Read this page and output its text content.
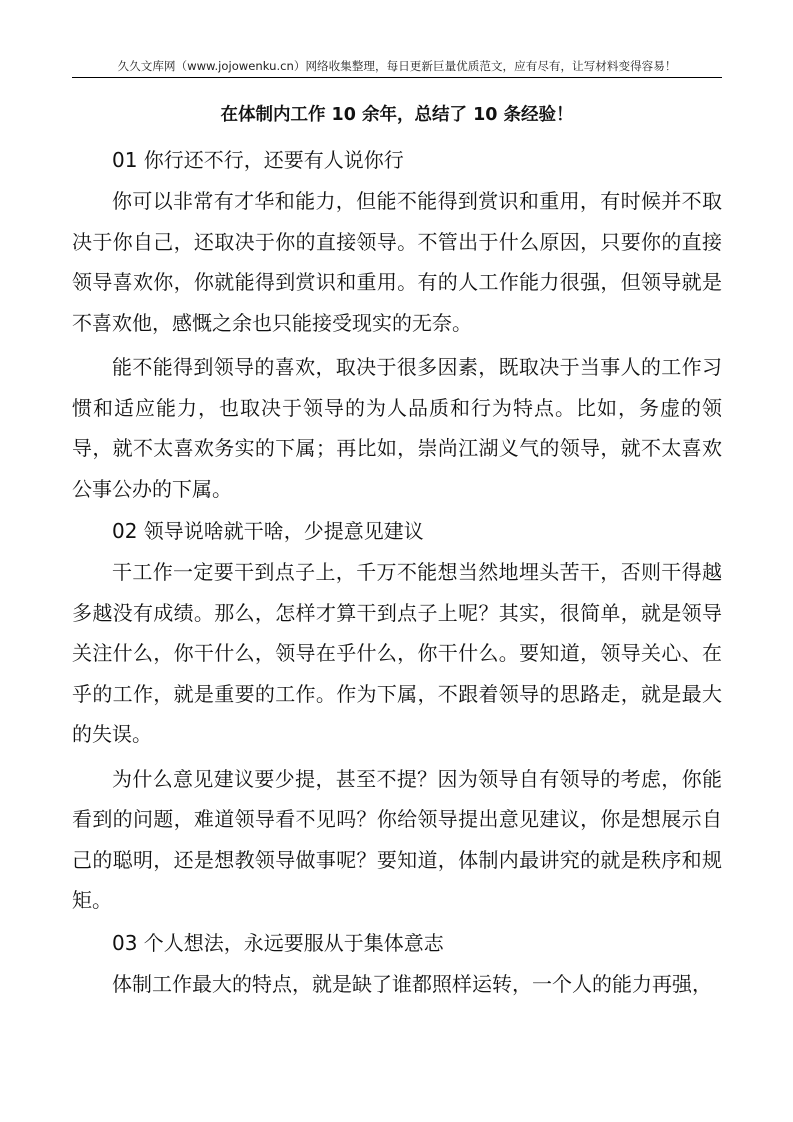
久久文库网（www.jojowenku.cn）网络收集整理，每日更新巨量优质范文，应有尽有，让写材料变得容易！
在体制内工作 10 余年，总结了 10 条经验！

01 你行还不行，还要有人说你行

你可以非常有才华和能力，但能不能得到赏识和重用，有时候并不取决于你自己，还取决于你的直接领导。不管出于什么原因，只要你的直接领导喜欢你，你就能得到赏识和重用。有的人工作能力很强，但领导就是不喜欢他，感慨之余也只能接受现实的无奈。

能不能得到领导的喜欢，取决于很多因素，既取决于当事人的工作习惯和适应能力，也取决于领导的为人品质和行为特点。比如，务虚的领导，就不太喜欢务实的下属；再比如，崇尚江湖义气的领导，就不太喜欢公事公办的下属。

02 领导说啥就干啥，少提意见建议

干工作一定要干到点子上，千万不能想当然地埋头苦干，否则干得越多越没有成绩。那么，怎样才算干到点子上呢？其实，很简单，就是领导关注什么，你干什么，领导在乎什么，你干什么。要知道，领导关心、在乎的工作，就是重要的工作。作为下属，不跟着领导的思路走，就是最大的失误。

为什么意见建议要少提，甚至不提？因为领导自有领导的考虑，你能看到的问题，难道领导看不见吗？你给领导提出意见建议，你是想展示自己的聪明，还是想教领导做事呢？要知道，体制内最讲究的就是秩序和规矩。

03 个人想法，永远要服从于集体意志

体制工作最大的特点，就是缺了谁都照样运转，一个人的能力再强，
